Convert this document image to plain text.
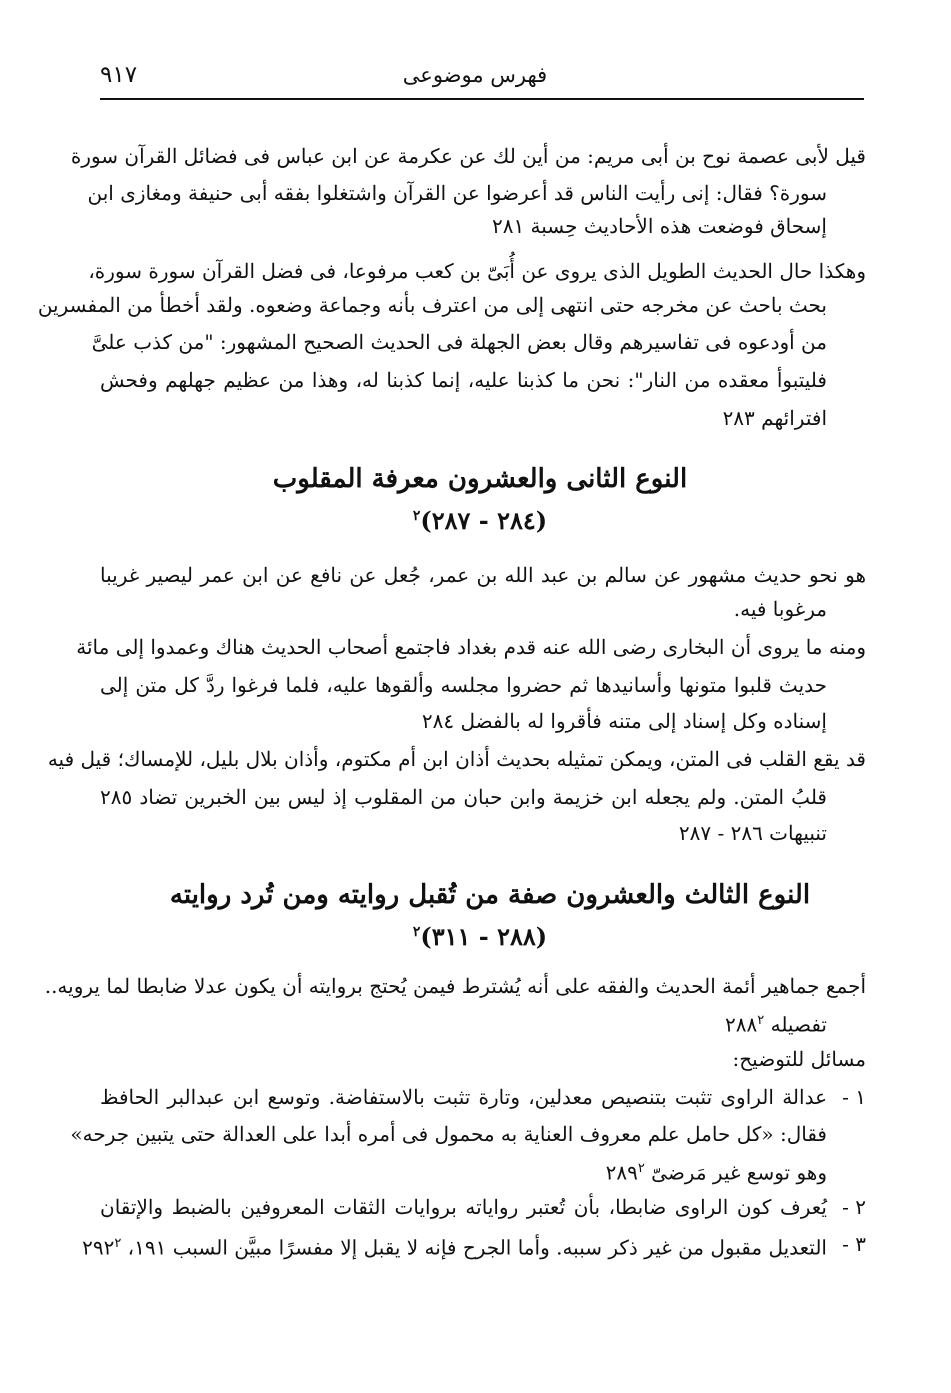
٩١٧	فهرس موضوعى
قيل لأبى عصمة نوح بن أبى مريم: من أين لك عن عكرمة عن ابن عباس فى فضائل القرآن سورة
سورة؟ فقال: إنى رأيت الناس قد أعرضوا عن القرآن واشتغلوا بفقه أبى حنيفة ومغازى ابن
إسحاق فوضعت هذه الأحاديث حِسبة ٢٨١
وهكذا حال الحديث الطويل الذى يروى عن أُبَىّ بن كعب مرفوعا، فى فضل القرآن سورة سورة،
بحث باحث عن مخرجه حتى انتهى إلى من اعترف بأنه وجماعة وضعوه. ولقد أخطأ من المفسرين
من أودعوه فى تفاسيرهم وقال بعض الجهلة فى الحديث الصحيح المشهور: "من كذب علىَّ
فليتبوأ معقده من النار": نحن ما كذبنا عليه، إنما كذبنا له، وهذا من عظيم جهلهم وفحش
افترائهم ٢٨٣
النوع الثانى والعشرون معرفة المقلوب
(٢٨٤ - ٢٨٧)$^٢$
هو نحو حديث مشهور عن سالم بن عبد الله بن عمر، جُعل عن نافع عن ابن عمر ليصير غريبا
مرغوبا فيه.
ومنه ما يروى أن البخارى رضى الله عنه قدم بغداد فاجتمع أصحاب الحديث هناك وعمدوا إلى مائة
حديث قلبوا متونها وأسانيدها ثم حضروا مجلسه وألقوها عليه، فلما فرغوا ردَّ كل متن إلى
إسناده وكل إسناد إلى متنه فأقروا له بالفضل ٢٨٤
قد يقع القلب فى المتن، ويمكن تمثيله بحديث أذان ابن أم مكتوم، وأذان بلال بليل، للإمساك؛ قيل فيه
قلبُ المتن. ولم يجعله ابن خزيمة وابن حبان من المقلوب إذ ليس بين الخبرين تضاد ٢٨٥
تنبيهات ٢٨٦ - ٢٨٧
النوع الثالث والعشرون صفة من تُقبل روايته ومن تُرد روايته
(٢٨٨ - ٣١١)$^٢$
أجمع جماهير أئمة الحديث والفقه على أنه يُشترط فيمن يُحتج بروايته أن يكون عدلا ضابطا لما يرويه..
تفصيله $٢٨٨^٢$
مسائل للتوضيح:
١ -
عدالة الراوى تثبت بتنصيص معدلين، وتارة تثبت بالاستفاضة. وتوسع ابن عبدالبر الحافظ
فقال: «كل حامل علم معروف العناية به محمول فى أمره أبدا على العدالة حتى يتبين جرحه»
وهو توسع غير مَرضىّ $٢٨٩^٢$
٢ -
يُعرف كون الراوى ضابطا، بأن تُعتبر رواياته بروايات الثقات المعروفين بالضبط والإتقان
٣ -
التعديل مقبول من غير ذكر سببه. وأما الجرح فإنه لا يقبل إلا مفسرًا مبيَّن السبب ١٩١، $٢٩٢^٢$
